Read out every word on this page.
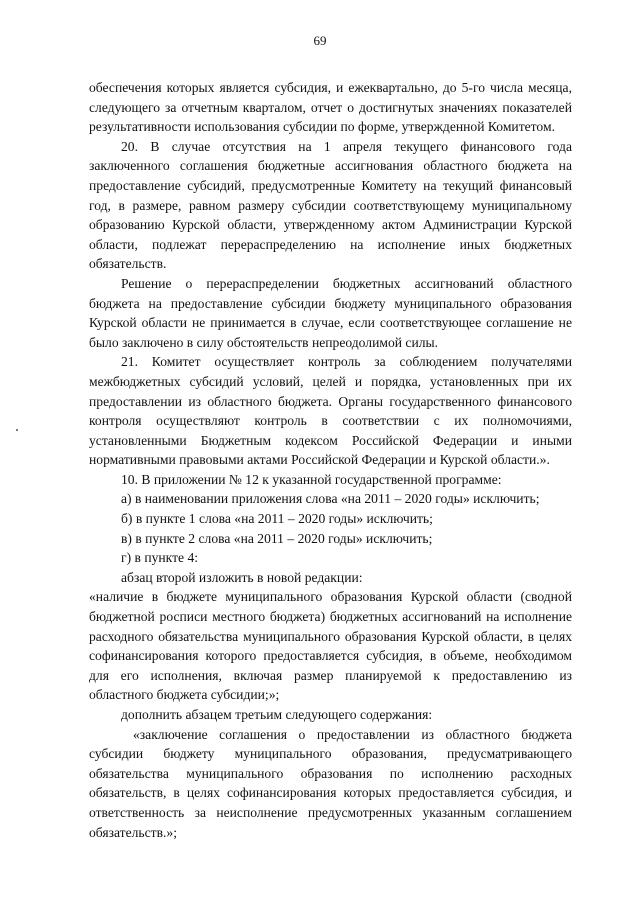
69

обеспечения которых является субсидия, и ежеквартально, до 5-го числа месяца, следующего за отчетным кварталом, отчет о достигнутых значениях показателей результативности использования субсидии по форме, утвержденной Комитетом.

20. В случае отсутствия на 1 апреля текущего финансового года заключенного соглашения бюджетные ассигнования областного бюджета на предоставление субсидий, предусмотренные Комитету на текущий финансовый год, в размере, равном размеру субсидии соответствующему муниципальному образованию Курской области, утвержденному актом Администрации Курской области, подлежат перераспределению на исполнение иных бюджетных обязательств.

Решение о перераспределении бюджетных ассигнований областного бюджета на предоставление субсидии бюджету муниципального образования Курской области не принимается в случае, если соответствующее соглашение не было заключено в силу обстоятельств непреодолимой силы.

21. Комитет осуществляет контроль за соблюдением получателями межбюджетных субсидий условий, целей и порядка, установленных при их предоставлении из областного бюджета. Органы государственного финансового контроля осуществляют контроль в соответствии с их полномочиями, установленными Бюджетным кодексом Российской Федерации и иными нормативными правовыми актами Российской Федерации и Курской области.».

10. В приложении № 12 к указанной государственной программе:

а) в наименовании приложения слова «на 2011 – 2020 годы» исключить;

б) в пункте 1 слова «на 2011 – 2020 годы» исключить;

в) в пункте 2 слова «на 2011 – 2020 годы» исключить;

г) в пункте 4:

абзац второй изложить в новой редакции:

«наличие в бюджете муниципального образования Курской области (сводной бюджетной росписи местного бюджета) бюджетных ассигнований на исполнение расходного обязательства муниципального образования Курской области, в целях софинансирования которого предоставляется субсидия, в объеме, необходимом для его исполнения, включая размер планируемой к предоставлению из областного бюджета субсидии;»;

дополнить абзацем третьим следующего содержания:

«заключение соглашения о предоставлении из областного бюджета субсидии бюджету муниципального образования, предусматривающего обязательства муниципального образования по исполнению расходных обязательств, в целях софинансирования которых предоставляется субсидия, и ответственность за неисполнение предусмотренных указанным соглашением обязательств.»;
